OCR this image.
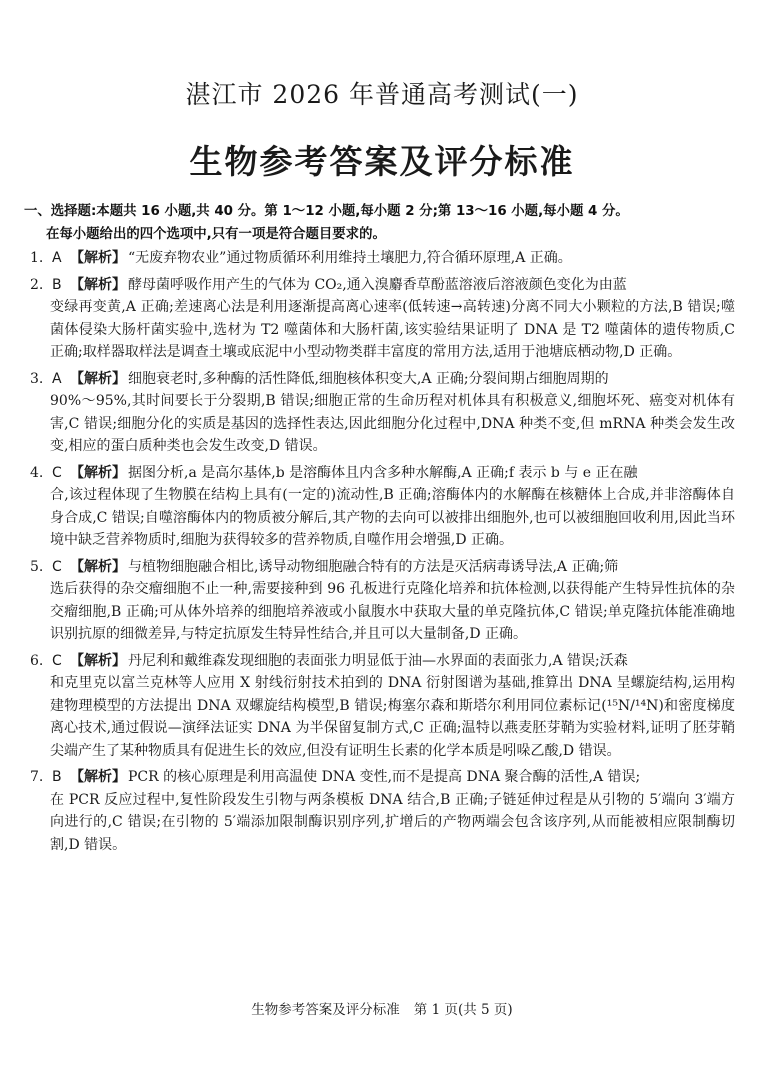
湛江市 2026 年普通高考测试(一)
生物参考答案及评分标准
一、选择题:本题共 16 小题,共 40 分。第 1～12 小题,每小题 2 分;第 13～16 小题,每小题 4 分。
在每小题给出的四个选项中,只有一项是符合题目要求的。
1. A 【解析】 “无废弃物农业”通过物质循环利用维持土壤肥力,符合循环原理,A 正确。
2. B 【解析】 酵母菌呼吸作用产生的气体为 CO₂,通入溴麝香草酚蓝溶液后溶液颜色变化为由蓝
变绿再变黄,A 正确;差速离心法是利用逐渐提高离心速率(低转速→高转速)分离不同大小颗粒的方法,B 错误;噬菌体侵染大肠杆菌实验中,选材为 T2 噬菌体和大肠杆菌,该实验结果证明了 DNA 是 T2 噬菌体的遗传物质,C 正确;取样器取样法是调查土壤或底泥中小型动物类群丰富度的常用方法,适用于池塘底栖动物,D 正确。
3. A 【解析】 细胞衰老时,多种酶的活性降低,细胞核体积变大,A 正确;分裂间期占细胞周期的
90%～95%,其时间要长于分裂期,B 错误;细胞正常的生命历程对机体具有积极意义,细胞坏死、癌变对机体有害,C 错误;细胞分化的实质是基因的选择性表达,因此细胞分化过程中,DNA 种类不变,但 mRNA 种类会发生改变,相应的蛋白质种类也会发生改变,D 错误。
4. C 【解析】 据图分析,a 是高尔基体,b 是溶酶体且内含多种水解酶,A 正确;f 表示 b 与 e 正在融
合,该过程体现了生物膜在结构上具有(一定的)流动性,B 正确;溶酶体内的水解酶在核糖体上合成,并非溶酶体自身合成,C 错误;自噬溶酶体内的物质被分解后,其产物的去向可以被排出细胞外,也可以被细胞回收利用,因此当环境中缺乏营养物质时,细胞为获得较多的营养物质,自噬作用会增强,D 正确。
5. C 【解析】 与植物细胞融合相比,诱导动物细胞融合特有的方法是灭活病毒诱导法,A 正确;筛
选后获得的杂交瘤细胞不止一种,需要接种到 96 孔板进行克隆化培养和抗体检测,以获得能产生特异性抗体的杂交瘤细胞,B 正确;可从体外培养的细胞培养液或小鼠腹水中获取大量的单克隆抗体,C 错误;单克隆抗体能准确地识别抗原的细微差异,与特定抗原发生特异性结合,并且可以大量制备,D 正确。
6. C 【解析】 丹尼利和戴维森发现细胞的表面张力明显低于油—水界面的表面张力,A 错误;沃森
和克里克以富兰克林等人应用 X 射线衍射技术拍到的 DNA 衍射图谱为基础,推算出 DNA 呈螺旋结构,运用构建物理模型的方法提出 DNA 双螺旋结构模型,B 错误;梅塞尔森和斯塔尔利用同位素标记(¹⁵N/¹⁴N)和密度梯度离心技术,通过假说—演绎法证实 DNA 为半保留复制方式,C 正确;温特以燕麦胚芽鞘为实验材料,证明了胚芽鞘尖端产生了某种物质具有促进生长的效应,但没有证明生长素的化学本质是吲哚乙酸,D 错误。
7. B 【解析】 PCR 的核心原理是利用高温使 DNA 变性,而不是提高 DNA 聚合酶的活性,A 错误;
在 PCR 反应过程中,复性阶段发生引物与两条模板 DNA 结合,B 正确;子链延伸过程是从引物的 5′端向 3′端方向进行的,C 错误;在引物的 5′端添加限制酶识别序列,扩增后的产物两端会包含该序列,从而能被相应限制酶切割,D 错误。
生物参考答案及评分标准 第 1 页(共 5 页)
